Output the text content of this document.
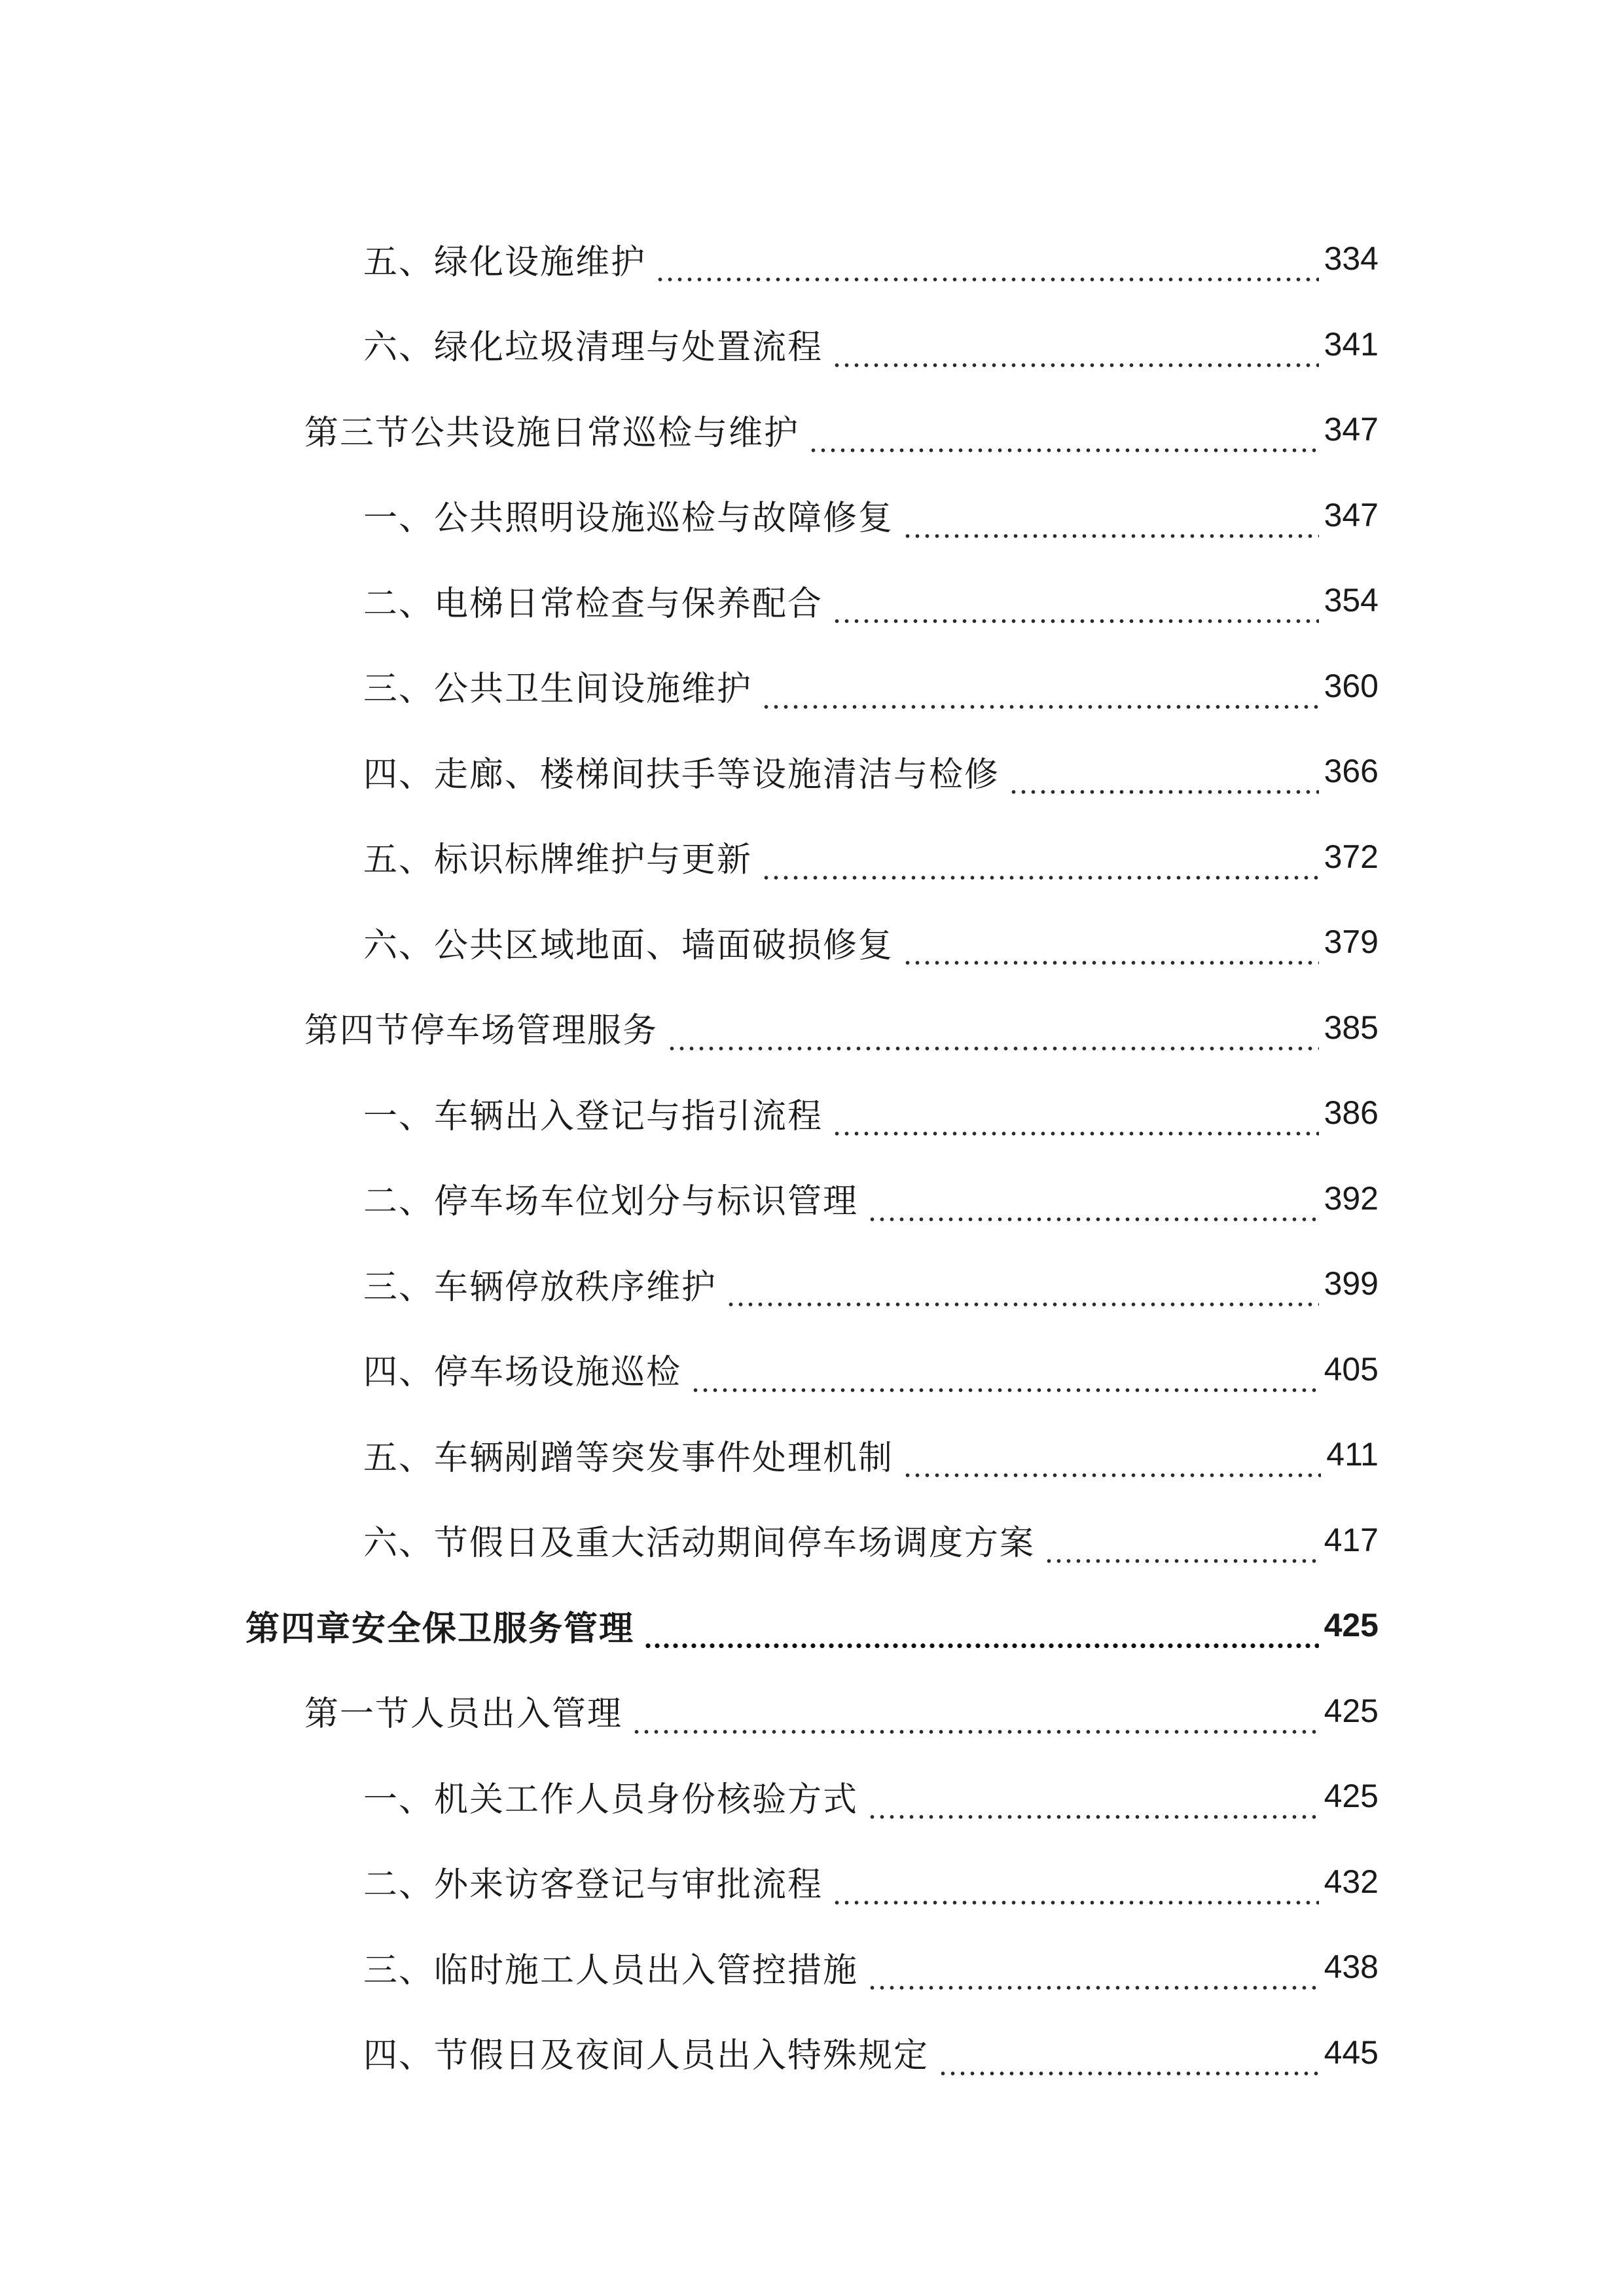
五、绿化设施维护	334
六、绿化垃圾清理与处置流程	341
第三节公共设施日常巡检与维护	347
一、公共照明设施巡检与故障修复	347
二、电梯日常检查与保养配合	354
三、公共卫生间设施维护	360
四、走廊、楼梯间扶手等设施清洁与检修	366
五、标识标牌维护与更新	372
六、公共区域地面、墙面破损修复	379
第四节停车场管理服务	385
一、车辆出入登记与指引流程	386
二、停车场车位划分与标识管理	392
三、车辆停放秩序维护	399
四、停车场设施巡检	405
五、车辆剐蹭等突发事件处理机制	411
六、节假日及重大活动期间停车场调度方案	417
第四章安全保卫服务管理	425
第一节人员出入管理	425
一、机关工作人员身份核验方式	425
二、外来访客登记与审批流程	432
三、临时施工人员出入管控措施	438
四、节假日及夜间人员出入特殊规定	445
